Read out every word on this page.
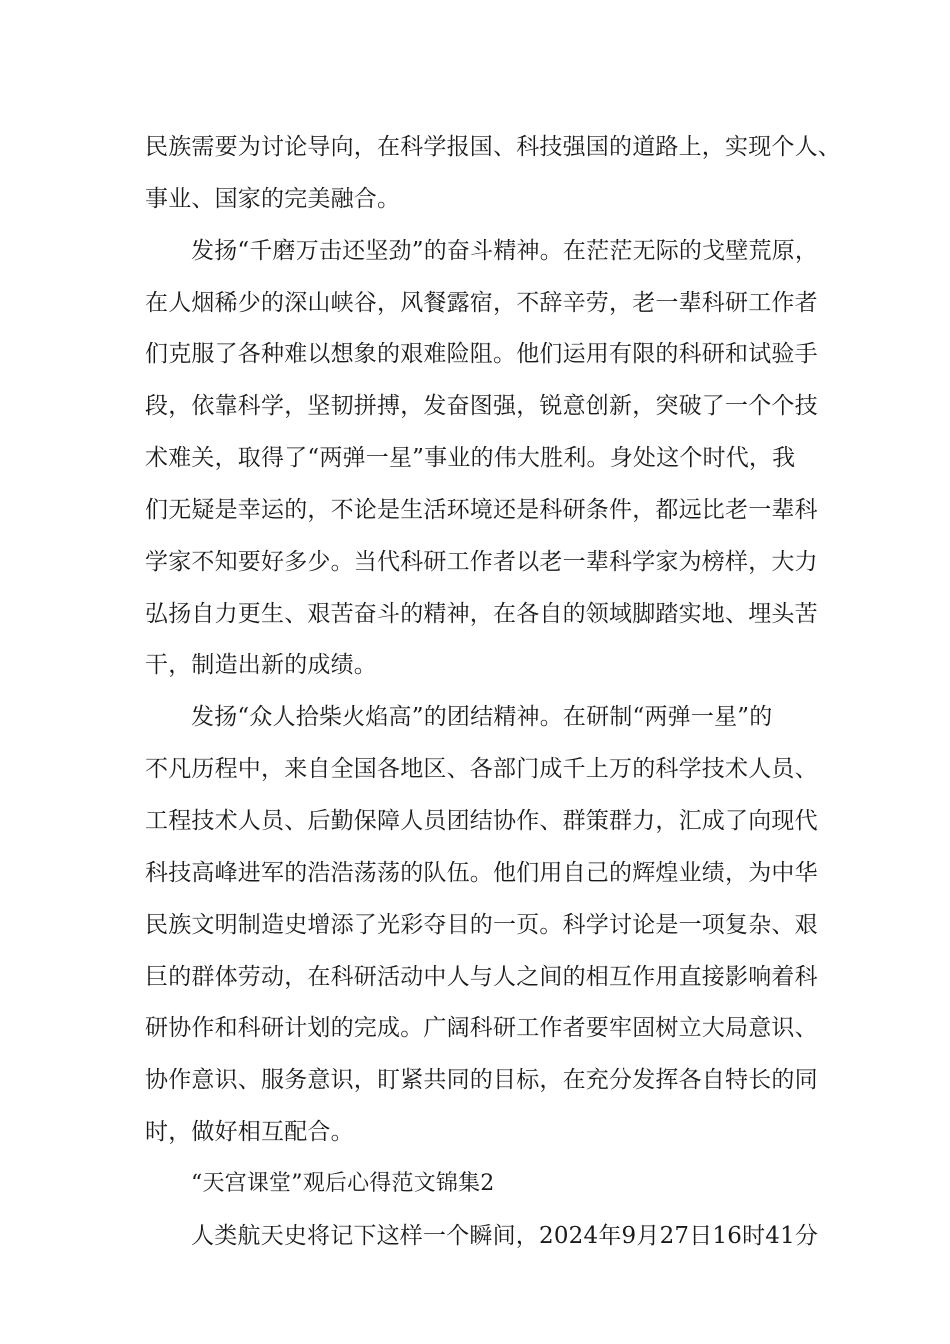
民族需要为讨论导向，在科学报国、科技强国的道路上，实现个人、
事业、国家的完美融合。
发扬“千磨万击还坚劲”的奋斗精神。在茫茫无际的戈壁荒原，
在人烟稀少的深山峡谷，风餐露宿，不辞辛劳，老一辈科研工作者
们克服了各种难以想象的艰难险阻。他们运用有限的科研和试验手
段，依靠科学，坚韧拼搏，发奋图强，锐意创新，突破了一个个技
术难关，取得了“两弹一星”事业的伟大胜利。身处这个时代，我
们无疑是幸运的，不论是生活环境还是科研条件，都远比老一辈科
学家不知要好多少。当代科研工作者以老一辈科学家为榜样，大力
弘扬自力更生、艰苦奋斗的精神，在各自的领域脚踏实地、埋头苦
干，制造出新的成绩。
发扬“众人拾柴火焰高”的团结精神。在研制“两弹一星”的
不凡历程中，来自全国各地区、各部门成千上万的科学技术人员、
工程技术人员、后勤保障人员团结协作、群策群力，汇成了向现代
科技高峰进军的浩浩荡荡的队伍。他们用自己的辉煌业绩，为中华
民族文明制造史增添了光彩夺目的一页。科学讨论是一项复杂、艰
巨的群体劳动，在科研活动中人与人之间的相互作用直接影响着科
研协作和科研计划的完成。广阔科研工作者要牢固树立大局意识、
协作意识、服务意识，盯紧共同的目标，在充分发挥各自特长的同
时，做好相互配合。
“天宫课堂”观后心得范文锦集2
人类航天史将记下这样一个瞬间，2024年9月27日16时41分
